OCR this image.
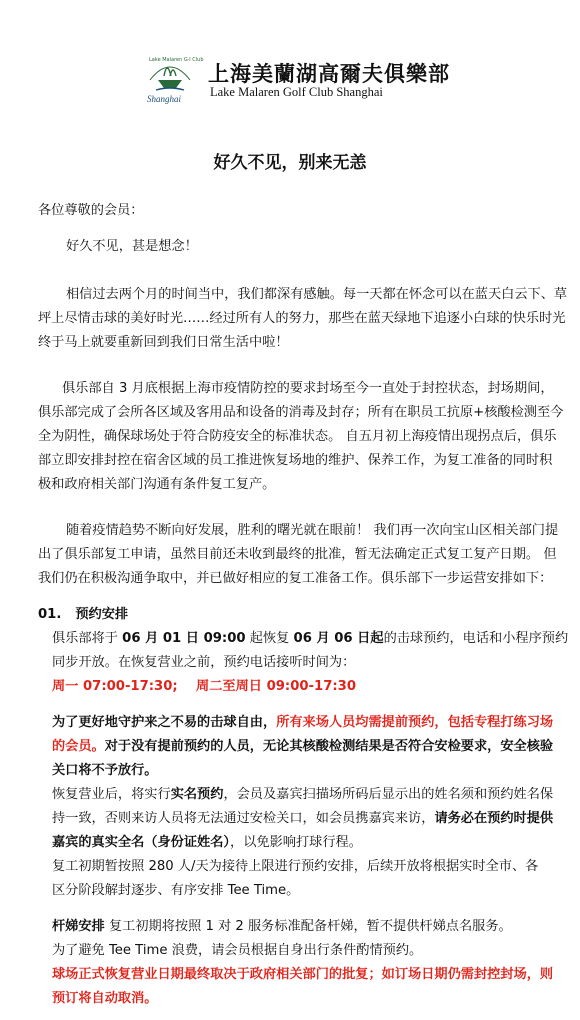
Lake Malaren G·l Club
Shanghai
上海美蘭湖高爾夫俱樂部
Lake Malaren Golf Club Shanghai
好久不见，别来无恙
各位尊敬的会员：
好久不见，甚是想念！
相信过去两个月的时间当中，我们都深有感触。每一天都在怀念可以在蓝天白云下、草
坪上尽情击球的美好时光……经过所有人的努力，那些在蓝天绿地下追逐小白球的快乐时光
终于马上就要重新回到我们日常生活中啦！
俱乐部自 3 月底根据上海市疫情防控的要求封场至今一直处于封控状态，封场期间，
俱乐部完成了会所各区域及客用品和设备的消毒及封存；所有在职员工抗原+核酸检测至今
全为阴性，确保球场处于符合防疫安全的标准状态。 自五月初上海疫情出现拐点后，俱乐
部立即安排封控在宿舍区域的员工推进恢复场地的维护、保养工作，为复工准备的同时积
极和政府相关部门沟通有条件复工复产。
随着疫情趋势不断向好发展，胜利的曙光就在眼前！ 我们再一次向宝山区相关部门提
出了俱乐部复工申请，虽然目前还未收到最终的批准，暂无法确定正式复工复产日期。 但
我们仍在积极沟通争取中，并已做好相应的复工准备工作。俱乐部下一步运营安排如下：
01. 预约安排
俱乐部将于 06 月 01 日 09:00 起恢复 06 月 06 日起的击球预约，电话和小程序预约
同步开放。在恢复营业之前，预约电话接听时间为：
周一 07:00-17:30; 周二至周日 09:00-17:30
为了更好地守护来之不易的击球自由，所有来场人员均需提前预约，包括专程打练习场
的会员。对于没有提前预约的人员，无论其核酸检测结果是否符合安检要求，安全核验
关口将不予放行。
恢复营业后，将实行实名预约，会员及嘉宾扫描场所码后显示出的姓名须和预约姓名保
持一致，否则来访人员将无法通过安检关口，如会员携嘉宾来访，请务必在预约时提供
嘉宾的真实全名（身份证姓名），以免影响打球行程。
复工初期暂按照 280 人/天为接待上限进行预约安排，后续开放将根据实时全市、各
区分阶段解封逐步、有序安排 Tee Time。
杆娣安排 复工初期将按照 1 对 2 服务标准配备杆娣，暂不提供杆娣点名服务。
为了避免 Tee Time 浪费，请会员根据自身出行条件酌情预约。
球场正式恢复营业日期最终取决于政府相关部门的批复；如订场日期仍需封控封场，则
预订将自动取消。
